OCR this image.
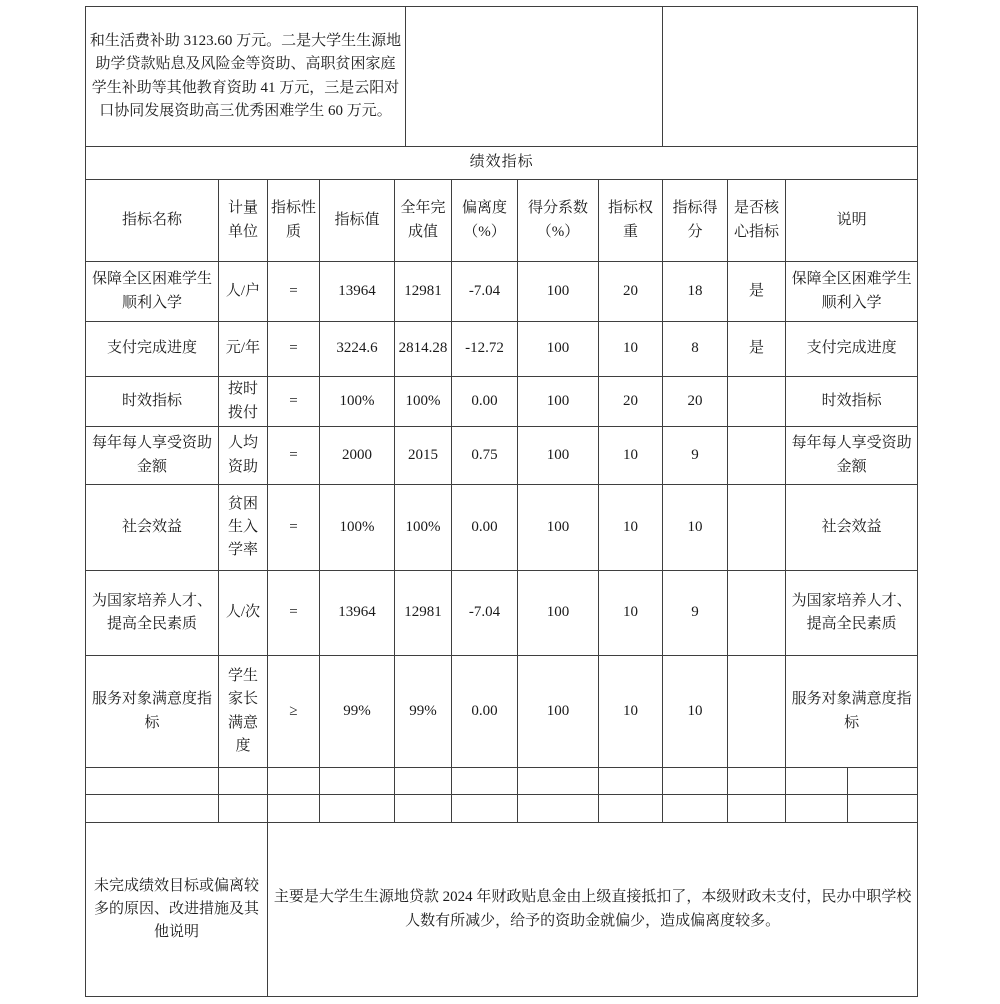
和生活费补助 3123.60 万元。二是大学生生源地助学贷款贴息及风险金等资助、高职贫困家庭学生补助等其他教育资助 41 万元，三是云阳对口协同发展资助高三优秀困难学生 60 万元。		
绩效指标											
指标名称	计量单位	指标性质	指标值	全年完成值	偏离度（%）	得分系数（%）	指标权重	指标得分	是否核心指标	说明	
保障全区困难学生顺利入学	人/户	=	13964	12981	-7.04	100	20	18	是	保障全区困难学生顺利入学	
支付完成进度	元/年	=	3224.6	2814.28	-12.72	100	10	8	是	支付完成进度	
时效指标	按时拨付	=	100%	100%	0.00	100	20	20		时效指标	
每年每人享受资助金额	人均资助	=	2000	2015	0.75	100	10	9		每年每人享受资助金额	
社会效益	贫困生入学率	=	100%	100%	0.00	100	10	10		社会效益	
为国家培养人才、提高全民素质	人/次	=	13964	12981	-7.04	100	10	9		为国家培养人才、提高全民素质	
服务对象满意度指标	学生家长满意度	≥	99%	99%	0.00	100	10	10		服务对象满意度指标	

未完成绩效目标或偏离较多的原因、改进措施及其他说明		主要是大学生生源地贷款 2024 年财政贴息金由上级直接抵扣了，本级财政未支付，民办中职学校人数有所减少，给予的资助金就偏少，造成偏离度较多。									
